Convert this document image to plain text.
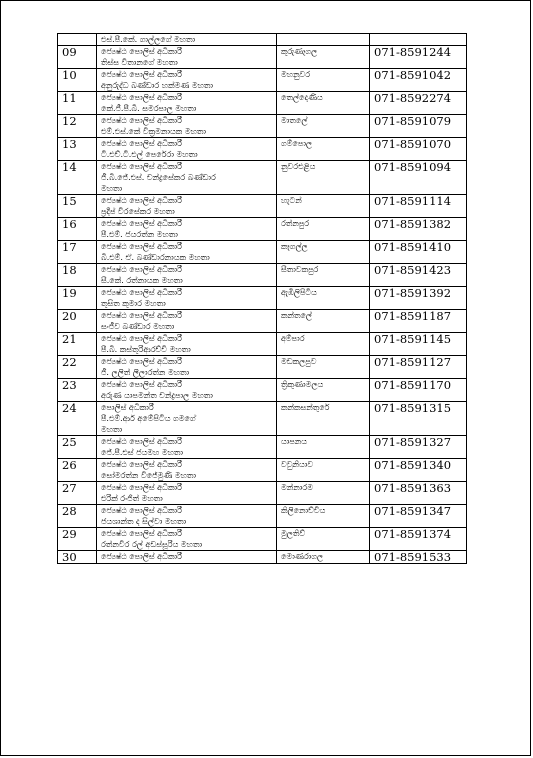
	එස්.පී.කේ. ගාල්ලගේ මහතා		

09	ජ්‍යෙෂ්ඨ පොලිස් අධිකාරී
තිස්ස විතානගේ මහතා	කුරුණෑගල	071-8591244
10	ජ්‍යෙෂ්ඨ පොලිස් අධිකාරී
අනුරුද්ධ බණ්ඩාර හක්මණ මහතා	මහනුවර	071-8591042
11	ජ්‍යෙෂ්ඨ පොලිස් අධිකාරී
කේ.ජී.පී.බී. සමරපාල මහතා	තෙල්දෙණිය	071-8592274
12	ජ්‍යෙෂ්ඨ පොලිස් අධිකාරී
එම්.එස්.කේ වික්‍රමනායක මහතා	මාතලේ	071-8591079
13	ජ්‍යෙෂ්ඨ පොලිස් අධිකාරී
ටී.එච්.ටී.එල් පෙරේරා මහතා	ගම්පොල	071-8591070
14	ජ්‍යෙෂ්ඨ පොලිස් අධිකාරී
ජී.බී.ජේ.එස්. චන්ද්‍රසේකර බණ්ඩාර
මහතා	නුවරඑළිය	071-8591094
15	ජ්‍යෙෂ්ඨ පොලිස් අධිකාරී
ප්‍රදීප් වීරසේකර මහතා	හැටන්	071-8591114
16	ජ්‍යෙෂ්ඨ පොලිස් අධිකාරී
පී.එම්. ජයරත්න මහතා	රත්නපුර	071-8591382
17	ජ්‍යෙෂ්ඨ පොලිස් අධිකාරී
බී.එම්. ඒ. බණ්ඩාරනායක මහතා	කෑගල්ල	071-8591410
18	ජ්‍යෙෂ්ඨ පොලිස් අධිකාරී
සී.කේ. රත්නායක මහතා	සීතාවකපුර	071-8591423
19	ජ්‍යෙෂ්ඨ පොලිස් අධිකාරී
තුසිත කුමාර මහතා	ඇඹිලිපිටිය	071-8591392
20	ජ්‍යෙෂ්ඨ පොලිස් අධිකාරී
සංජීව බණ්ඩාර මහතා	කන්තලේ	071-8591187
21	ජ්‍යෙෂ්ඨ පොලිස් අධිකාරී
පී.බී. කස්තුරිආරච්චි මහතා	අම්පාර	071-8591145
22	ජ්‍යෙෂ්ඨ පොලිස් අධිකාරී
ජී. ලලිත් ලීලාරත්න මහතා	මඩකලපුව	071-8591127
23	ජ්‍යෙෂ්ඨ පොලිස් අධිකාරී
අරුණ යාපමන්ත චන්ද්‍රපාල මහතා	ත්‍රිකුණාමලය	071-8591170
24	පොලිස් අධිකාරී
පී.එම්.ආර් අමේපිටිය ගමගේ
මහතා	කන්කසන්තුරේ	071-8591315
25	ජ්‍යෙෂ්ඨ පොලිස් අධිකාරී
ජේ.පී.එස් ජයමහ මහතා	යාපනය	071-8591327
26	ජ්‍යෙෂ්ඨ පොලිස් අධිකාරී
සෝමරත්න විජේමුණි මහතා	වවුනියාව	071-8591340
27	ජ්‍යෙෂ්ඨ පොලිස් අධිකාරී
එරික් රංජිත් මහතා	මන්නාරම	071-8591363
28	ජ්‍යෙෂ්ඨ පොලිස් අධිකාරී
ජයශාන්ත ද සිල්වා මහතා	කිලිනොච්චිය	071-8591347
29	ජ්‍යෙෂ්ඨ පොලිස් අධිකාරී
රත්නවීර රල් අඩස්සූරිය මහතා	මුලතිව්	071-8591374
30	ජ්‍යෙෂ්ඨ පොලිස් අධිකාරී	මොණරාගල	071-8591533
